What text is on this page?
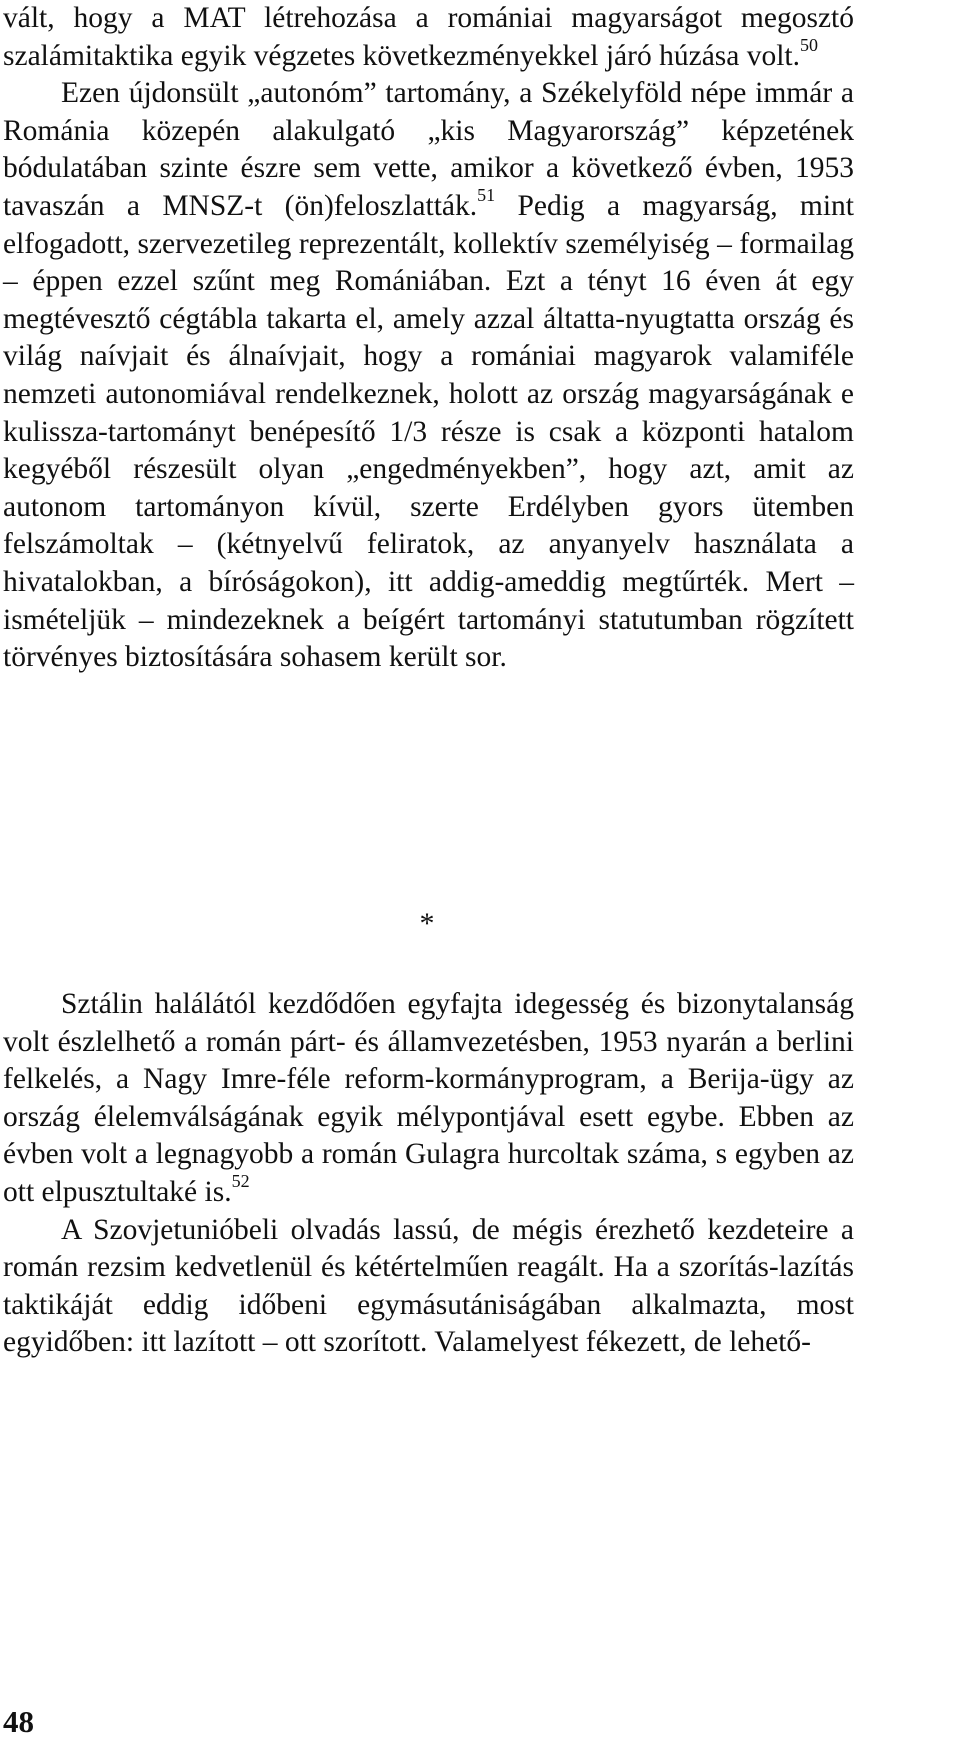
vált, hogy a MAT létrehozása a romániai magyarságot megosztó szalámitaktika egyik végzetes következményekkel járó húzása volt.$^{50}$

Ezen újdonsült „autonóm” tartomány, a Székelyföld népe immár a Románia közepén alakulgató „kis Magyarország” képzetének bódulatában szinte észre sem vette, amikor a következő évben, 1953 tavaszán a MNSZ-t (ön)feloszlatták.$^{51}$ Pedig a magyarság, mint elfogadott, szervezetileg reprezentált, kollektív személyiség – formailag – éppen ezzel szűnt meg Romániában. Ezt a tényt 16 éven át egy megtévesztő cégtábla takarta el, amely azzal áltatta-nyugtatta ország és világ naívjait és álnaívjait, hogy a romániai magyarok valamiféle nemzeti autonomiával rendelkeznek, holott az ország magyarságának e kulissza-tartományt benépesítő 1/3 része is csak a központi hatalom kegyéből részesült olyan „engedményekben”, hogy azt, amit az autonom tartományon kívül, szerte Erdélyben gyors ütemben felszámoltak – (kétnyelvű feliratok, az anyanyelv használata a hivatalokban, a bíróságokon), itt addig-ameddig megtűrték. Mert – ismételjük – mindezeknek a beígért tartományi statutumban rögzített törvényes biztosítására sohasem került sor.

*

Sztálin halálától kezdődően egyfajta idegesség és bizonytalanság volt észlelhető a román párt- és államvezetésben, 1953 nyarán a berlini felkelés, a Nagy Imre-féle reform-kormányprogram, a Berija-ügy az ország élelemválságának egyik mélypontjával esett egybe. Ebben az évben volt a legnagyobb a román Gulagra hurcoltak száma, s egyben az ott elpusztultaké is.$^{52}$

A Szovjetunióbeli olvadás lassú, de mégis érezhető kezdeteire a román rezsim kedvetlenül és kétértelműen reagált. Ha a szorítás-lazítás taktikáját eddig időbeni egymásutániságában alkalmazta, most egyidőben: itt lazított – ott szorított. Valamelyest fékezett, de lehető-

48
